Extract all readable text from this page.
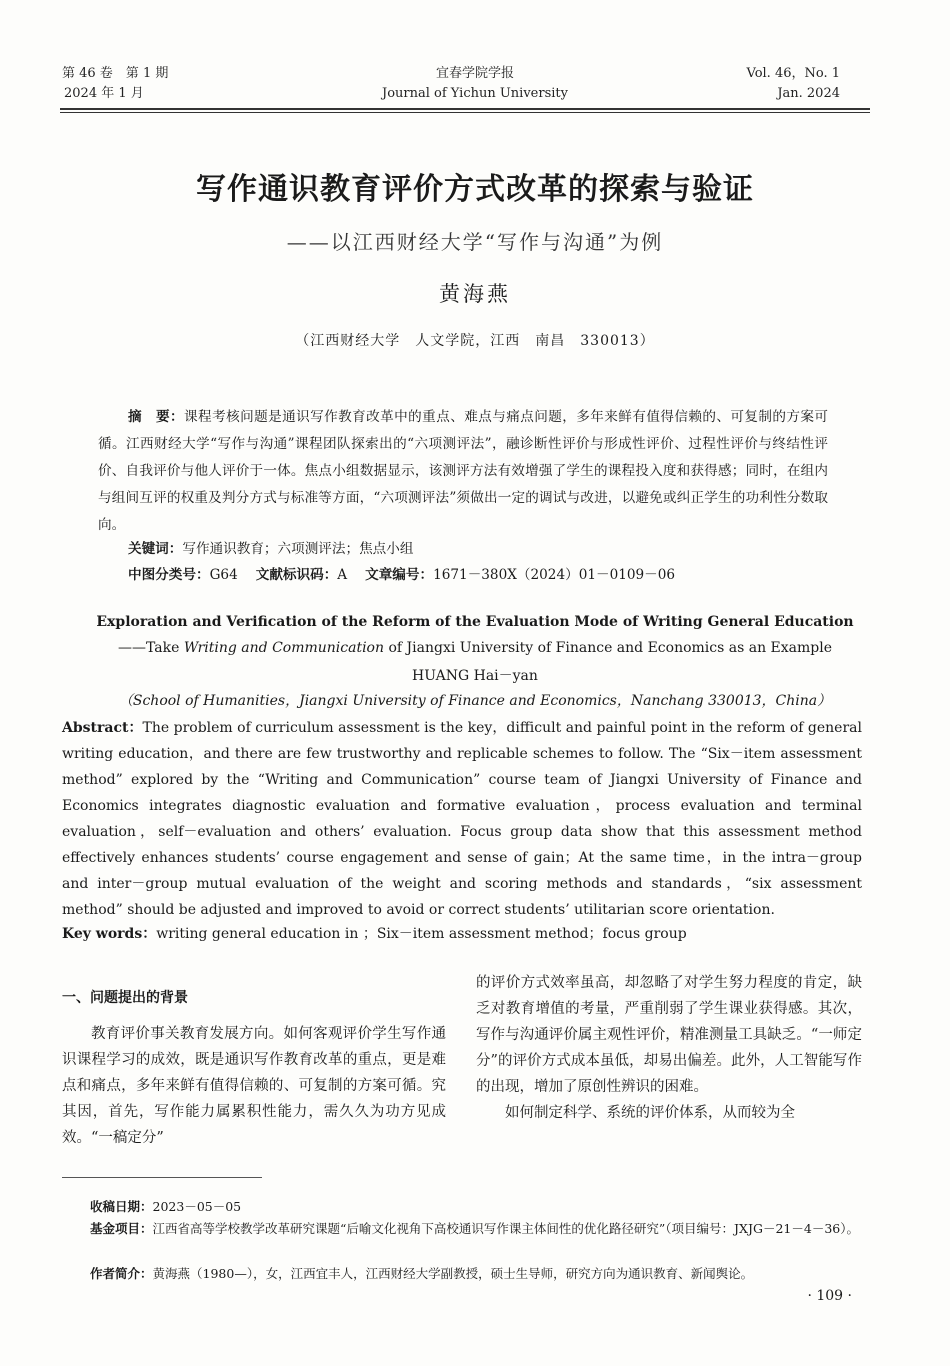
第 46 卷　第 1 期
2024 年 1 月
宜春学院学报
Journal of Yichun University
Vol. 46，No. 1
Jan. 2024
写作通识教育评价方式改革的探索与验证
——以江西财经大学“写作与沟通”为例
黄海燕
（江西财经大学　人文学院，江西　南昌　330013）
摘　要：课程考核问题是通识写作教育改革中的重点、难点与痛点问题，多年来鲜有值得信赖的、可复制的方案可循。江西财经大学“写作与沟通”课程团队探索出的“六项测评法”，融诊断性评价与形成性评价、过程性评价与终结性评价、自我评价与他人评价于一体。焦点小组数据显示，该测评方法有效增强了学生的课程投入度和获得感；同时，在组内与组间互评的权重及判分方式与标准等方面，“六项测评法”须做出一定的调试与改进，以避免或纠正学生的功利性分数取向。
关键词：写作通识教育；六项测评法；焦点小组
中图分类号：G64 文献标识码：A 文章编号：1671－380X（2024）01－0109－06
Exploration and Verification of the Reform of the Evaluation Mode of Writing General Education
——Take Writing and Communication of Jiangxi University of Finance and Economics as an Example
HUANG Hai－yan
（School of Humanities，Jiangxi University of Finance and Economics，Nanchang 330013，China）
Abstract：The problem of curriculum assessment is the key，difficult and painful point in the reform of general writing education，and there are few trustworthy and replicable schemes to follow. The “Six－item assessment method” explored by the “Writing and Communication” course team of Jiangxi University of Finance and Economics integrates diagnostic evaluation and formative evaluation，process evaluation and terminal evaluation，self－evaluation and others’ evaluation. Focus group data show that this assessment method effectively enhances students’ course engagement and sense of gain；At the same time，in the intra－group and inter－group mutual evaluation of the weight and scoring methods and standards，“six assessment method” should be adjusted and improved to avoid or correct students’ utilitarian score orientation.
Key words：writing general education in ；Six－item assessment method；focus group
一、问题提出的背景

教育评价事关教育发展方向。如何客观评价学生写作通识课程学习的成效，既是通识写作教育改革的重点，更是难点和痛点，多年来鲜有值得信赖的、可复制的方案可循。究其因，首先，写作能力属累积性能力，需久久为功方见成效。“一稿定分”

的评价方式效率虽高，却忽略了对学生努力程度的肯定，缺乏对教育增值的考量，严重削弱了学生课业获得感。其次，写作与沟通评价属主观性评价，精准测量工具缺乏。“一师定分”的评价方式成本虽低，却易出偏差。此外，人工智能写作的出现，增加了原创性辨识的困难。

如何制定科学、系统的评价体系，从而较为全

收稿日期：2023－05－05
基金项目：江西省高等学校教学改革研究课题“后喻文化视角下高校通识写作课主体间性的优化路径研究”（项目编号：JXJG－21－4－36）。
作者简介：黄海燕（1980—），女，江西宜丰人，江西财经大学副教授，硕士生导师，研究方向为通识教育、新闻舆论。
· 109 ·
